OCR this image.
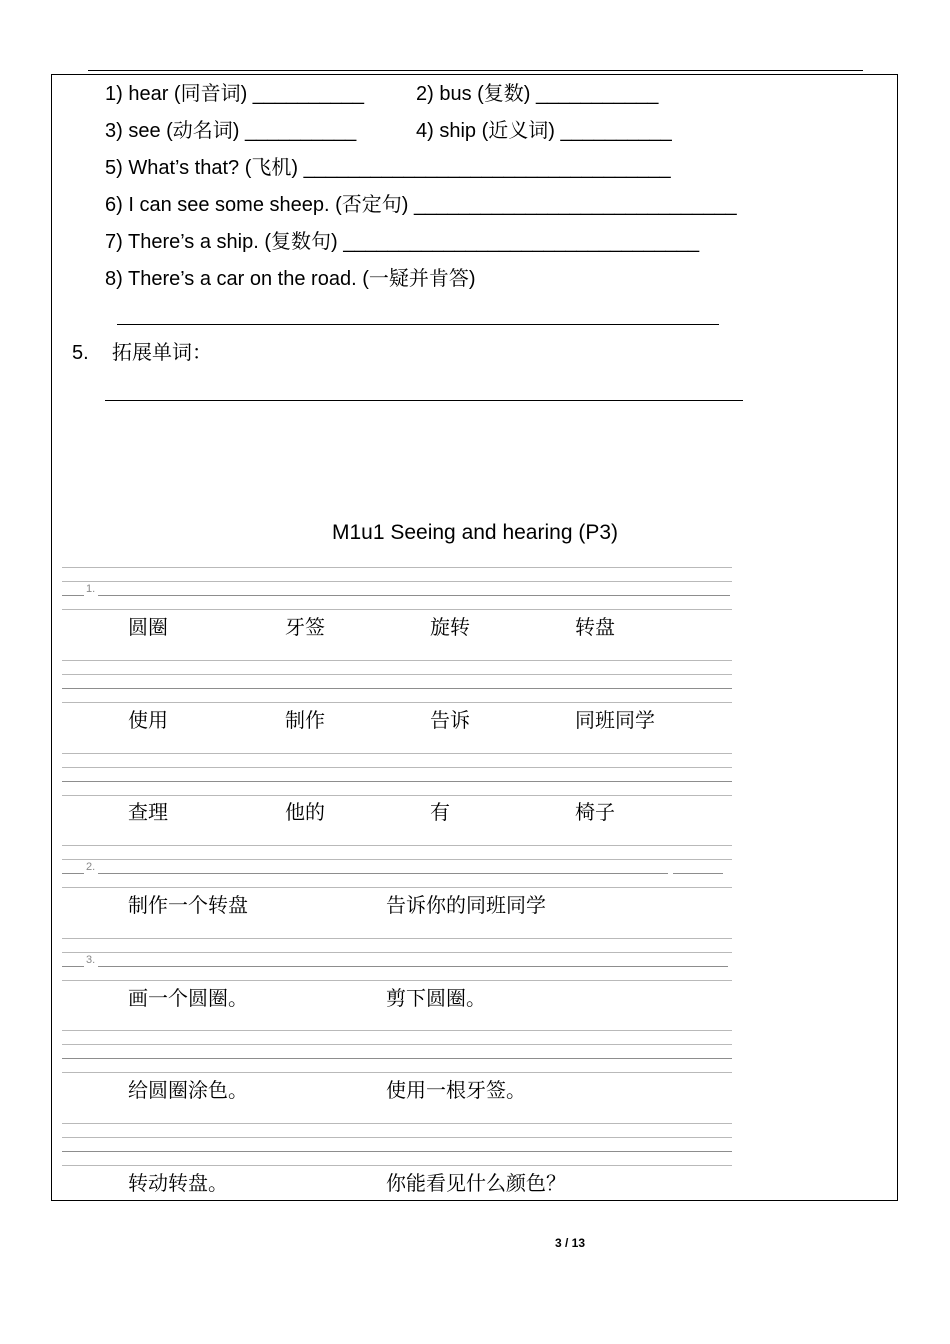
1) hear (同音词) __________	2) bus (复数) ___________
3) see (动名词) __________	4) ship (近义词) __________
5) What’s that? (飞机) _________________________________
6) I can see some sheep. (否定句) _____________________________
7) There’s a ship. (复数句) ________________________________
8) There’s a car on the road. (一疑并肯答)
5. 拓展单词：
M1u1 Seeing and hearing (P3)
1.
圆圈	牙签	旋转	转盘
使用	制作	告诉	同班同学
查理	他的	有	椅子
2.
制作一个转盘	告诉你的同班同学
3.
画一个圆圈。	剪下圆圈。
给圆圈涂色。	使用一根牙签。
转动转盘。	你能看见什么颜色？
3 / 13
